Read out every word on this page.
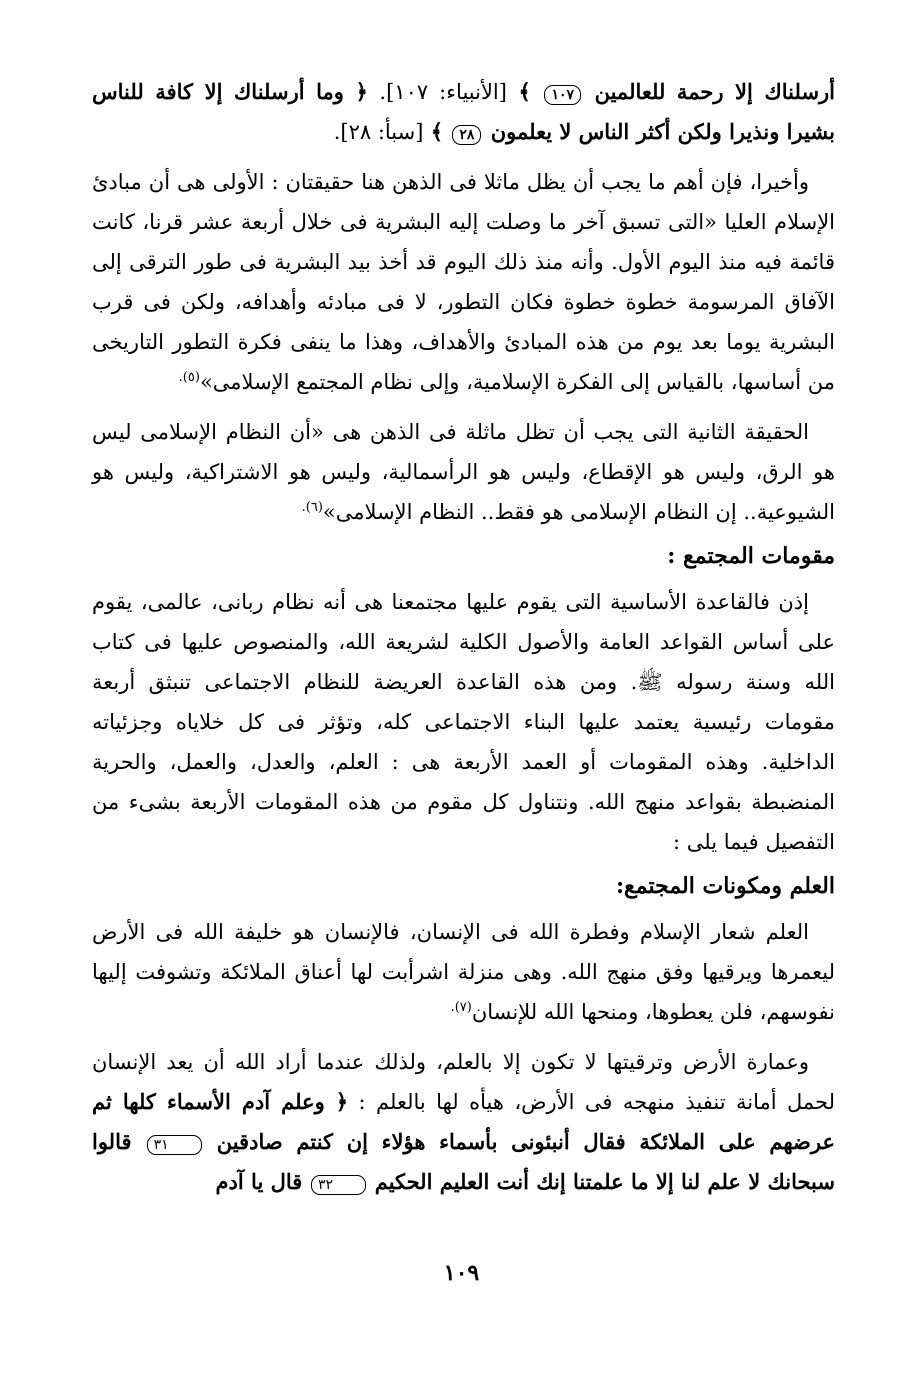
أرسلناك إلا رحمة للعالمين ١٠٧ ﴾ [الأنبياء: ١٠٧]. ﴿ وما أرسلناك إلا كافة للناس بشيرا ونذيرا ولكن أكثر الناس لا يعلمون ٢٨ ﴾ [سبأ: ٢٨].

وأخيرا، فإن أهم ما يجب أن يظل ماثلا فى الذهن هنا حقيقتان : الأولى هى أن مبادئ الإسلام العليا «التى تسبق آخر ما وصلت إليه البشرية فى خلال أربعة عشر قرنا، كانت قائمة فيه منذ اليوم الأول. وأنه منذ ذلك اليوم قد أخذ بيد البشرية فى طور الترقى إلى الآفاق المرسومة خطوة خطوة فكان التطور، لا فى مبادئه وأهدافه، ولكن فى قرب البشرية يوما بعد يوم من هذه المبادئ والأهداف، وهذا ما ينفى فكرة التطور التاريخى من أساسها، بالقياس إلى الفكرة الإسلامية، وإلى نظام المجتمع الإسلامى»$^{(٥).}$

الحقيقة الثانية التى يجب أن تظل ماثلة فى الذهن هى «أن النظام الإسلامى ليس هو الرق، وليس هو الإقطاع، وليس هو الرأسمالية، وليس هو الاشتراكية، وليس هو الشيوعية.. إن النظام الإسلامى هو فقط.. النظام الإسلامى»$^{(٦).}$

مقومات المجتمع :

إذن فالقاعدة الأساسية التى يقوم عليها مجتمعنا هى أنه نظام ربانى، عالمى، يقوم على أساس القواعد العامة والأصول الكلية لشريعة الله، والمنصوص عليها فى كتاب الله وسنة رسوله ﷺ. ومن هذه القاعدة العريضة للنظام الاجتماعى تنبثق أربعة مقومات رئيسية يعتمد عليها البناء الاجتماعى كله، وتؤثر فى كل خلاياه وجزئياته الداخلية. وهذه المقومات أو العمد الأربعة هى : العلم، والعدل، والعمل، والحرية المنضبطة بقواعد منهج الله. ونتناول كل مقوم من هذه المقومات الأربعة بشىء من التفصيل فيما يلى :

العلم ومكونات المجتمع:

العلم شعار الإسلام وفطرة الله فى الإنسان، فالإنسان هو خليفة الله فى الأرض ليعمرها ويرقيها وفق منهج الله. وهى منزلة اشرأبت لها أعناق الملائكة وتشوفت إليها نفوسهم، فلن يعطوها، ومنحها الله للإنسان$^{(٧).}$

وعمارة الأرض وترقيتها لا تكون إلا بالعلم، ولذلك عندما أراد الله أن يعد الإنسان لحمل أمانة تنفيذ منهجه فى الأرض، هيأه لها بالعلم : ﴿ وعلم آدم الأسماء كلها ثم عرضهم على الملائكة فقال أنبئونى بأسماء هؤلاء إن كنتم صادقين ٣١ قالوا سبحانك لا علم لنا إلا ما علمتنا إنك أنت العليم الحكيم ٣٢ قال يا آدم

١٠٩
